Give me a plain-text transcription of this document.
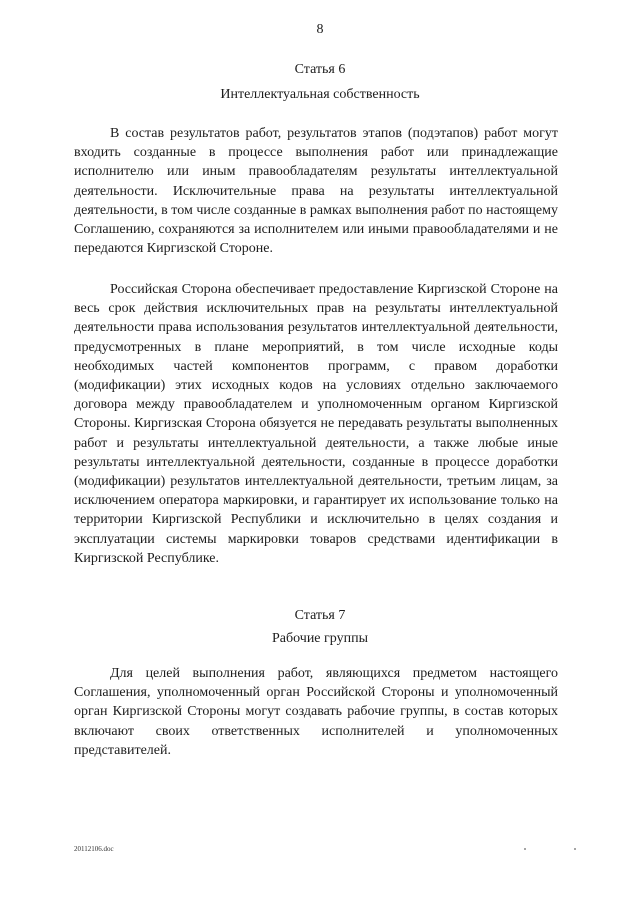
8
Статья 6
Интеллектуальная собственность

В состав результатов работ, результатов этапов (подэтапов) работ могут входить созданные в процессе выполнения работ или принадлежащие исполнителю или иным правообладателям результаты интеллектуальной деятельности. Исключительные права на результаты интеллектуальной деятельности, в том числе созданные в рамках выполнения работ по настоящему Соглашению, сохраняются за исполнителем или иными правообладателями и не передаются Киргизской Стороне.

Российская Сторона обеспечивает предоставление Киргизской Стороне на весь срок действия исключительных прав на результаты интеллектуальной деятельности права использования результатов интеллектуальной деятельности, предусмотренных в плане мероприятий, в том числе исходные коды необходимых частей компонентов программ, с правом доработки (модификации) этих исходных кодов на условиях отдельно заключаемого договора между правообладателем и уполномоченным органом Киргизской Стороны. Киргизская Сторона обязуется не передавать результаты выполненных работ и результаты интеллектуальной деятельности, а также любые иные результаты интеллектуальной деятельности, созданные в процессе доработки (модификации) результатов интеллектуальной деятельности, третьим лицам, за исключением оператора маркировки, и гарантирует их использование только на территории Киргизской Республики и исключительно в целях создания и эксплуатации системы маркировки товаров средствами идентификации в Киргизской Республике.

Статья 7
Рабочие группы

Для целей выполнения работ, являющихся предметом настоящего Соглашения, уполномоченный орган Российской Стороны и уполномоченный орган Киргизской Стороны могут создавать рабочие группы, в состав которых включают своих ответственных исполнителей и уполномоченных представителей.

20112106.doc
